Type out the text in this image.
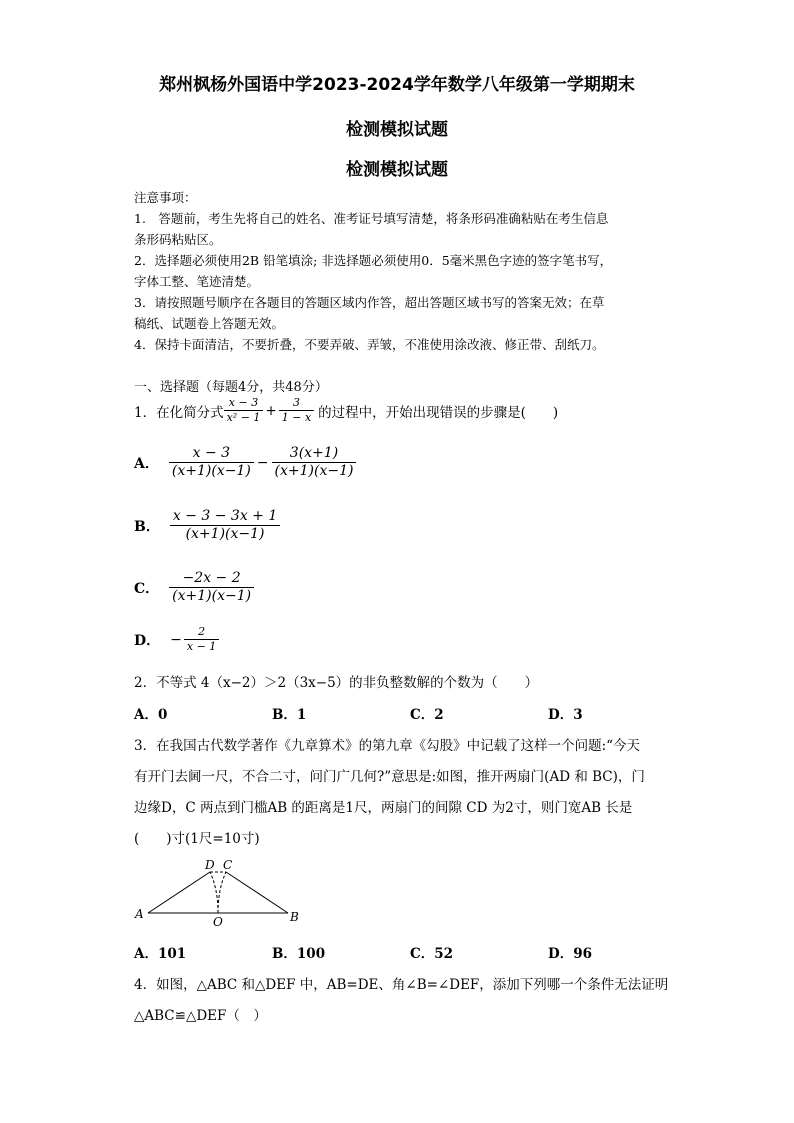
郑州枫杨外国语中学2023-2024学年数学八年级第一学期期末
检测模拟试题
检测模拟试题
注意事项：
1.　答题前，考生先将自己的姓名、准考证号填写清楚，将条形码准确粘贴在考生信息
条形码粘贴区。
2．选择题必须使用2B 铅笔填涂; 非选择题必须使用0．5毫米黑色字迹的签字笔书写，
字体工整、笔迹清楚。
3．请按照题号顺序在各题目的答题区域内作答，超出答题区域书写的答案无效；在草
稿纸、试题卷上答题无效。
4．保持卡面清洁，不要折叠，不要弄破、弄皱，不准使用涂改液、修正带、刮纸刀。
一、选择题（每题4分，共48分）
1．在化简分式 $\frac{x - 3}{\text{x² − 1}} + \frac{3}{1 - x}$ 的过程中，开始出现错误的步骤是(　　)
A． $\frac{x - 3}{(x+1)(x-1)} - \frac{3(x+1)}{(x+1)(x-1)}$
B． $\frac{x - 3 - 3x + 1}{(x+1)(x-1)}$
C． $\frac{-2x - 2}{(x+1)(x-1)}$
D． − $\frac{2}{x - 1}$
2．不等式 4（x−2）＞2（3x−5）的非负整数解的个数为（　　）
A．0	B．1	C．2	D．3
3．在我国古代数学著作《九章算术》的第九章《勾股》中记载了这样一个问题:“今天
有开门去阃一尺，不合二寸，问门广几何?”意思是:如图，推开两扇门(AD 和 BC)，门
边缘D，C 两点到门槛AB 的距离是1尺，两扇门的间隙 CD 为2寸，则门宽AB 长是
(　　)寸(1尺=10寸)
A	B
D C
O
A．101	B．100	C．52	D．96
4．如图，△ABC 和△DEF 中，AB=DE、角∠B=∠DEF，添加下列哪一个条件无法证明
△ABC≌△DEF（　）
